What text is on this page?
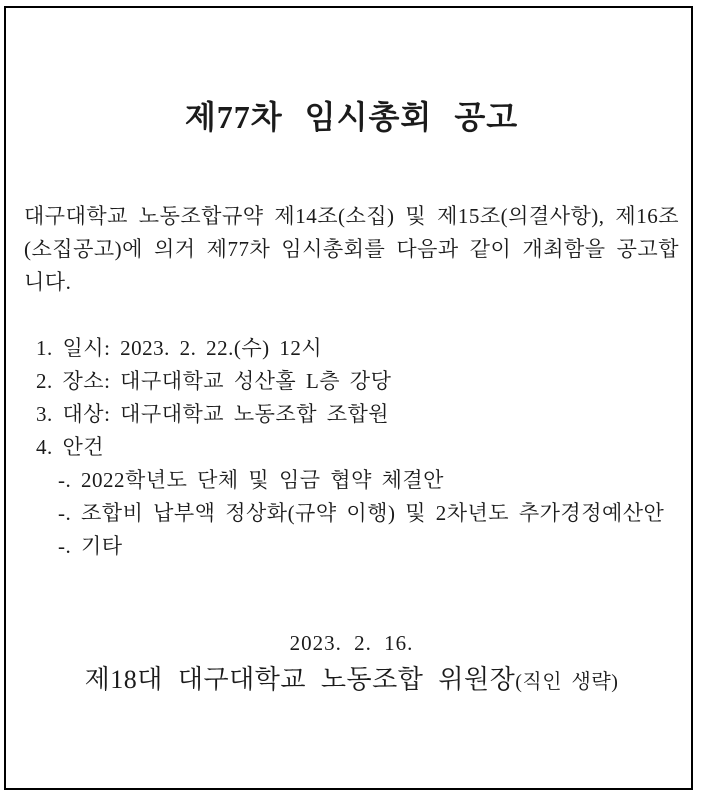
제77차 임시총회 공고

대구대학교 노동조합규약 제14조(소집) 및 제15조(의결사항), 제16조(소집공고)에 의거 제77차 임시총회를 다음과 같이 개최함을 공고합니다.

1. 일시: 2023. 2. 22.(수) 12시
2. 장소: 대구대학교 성산홀 L층 강당
3. 대상: 대구대학교 노동조합 조합원
4. 안건
-. 2022학년도 단체 및 임금 협약 체결안
-. 조합비 납부액 정상화(규약 이행) 및 2차년도 추가경정예산안
-. 기타
2023. 2. 16.
제18대 대구대학교 노동조합 위원장(직인 생략)
